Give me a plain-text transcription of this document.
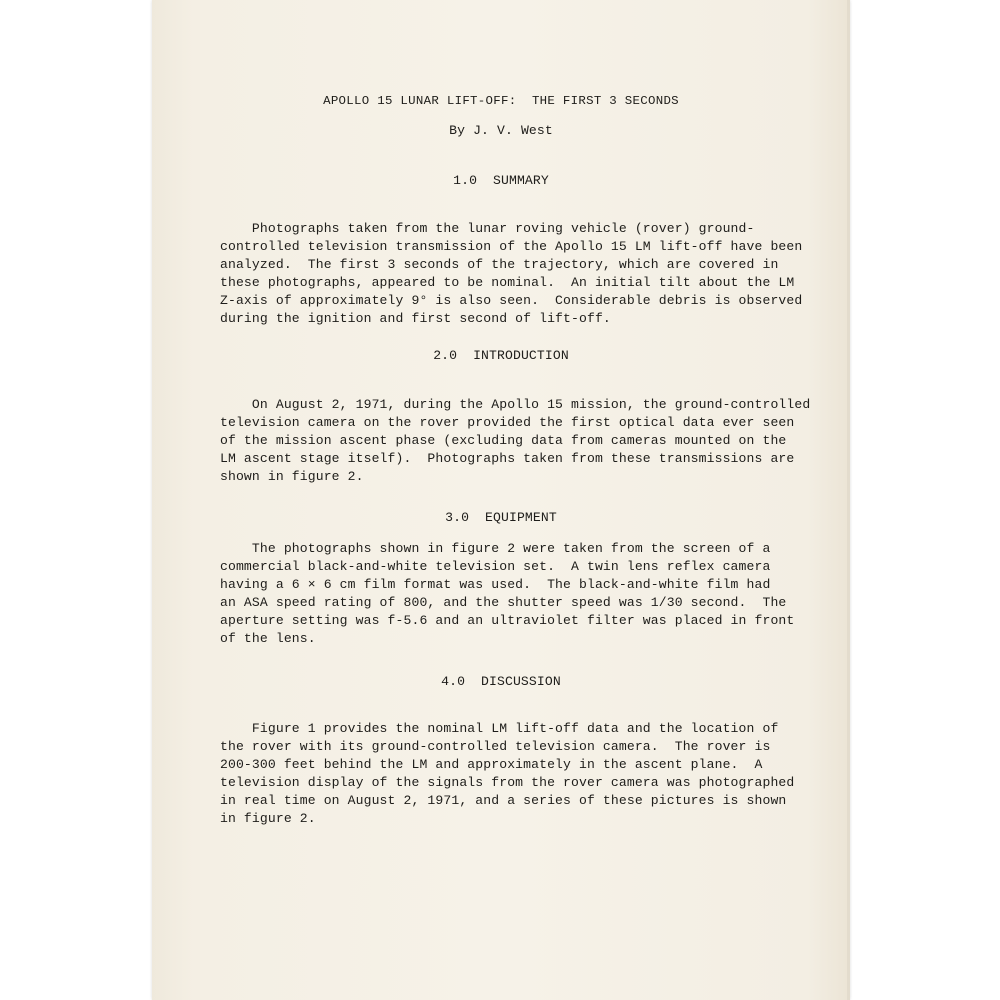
APOLLO 15 LUNAR LIFT-OFF:  THE FIRST 3 SECONDS
By J. V. West
1.0  SUMMARY
Photographs taken from the lunar roving vehicle (rover) ground-
controlled television transmission of the Apollo 15 LM lift-off have been
analyzed.  The first 3 seconds of the trajectory, which are covered in
these photographs, appeared to be nominal.  An initial tilt about the LM
Z-axis of approximately 9° is also seen.  Considerable debris is observed
during the ignition and first second of lift-off.
2.0  INTRODUCTION
On August 2, 1971, during the Apollo 15 mission, the ground-controlled
television camera on the rover provided the first optical data ever seen
of the mission ascent phase (excluding data from cameras mounted on the
LM ascent stage itself).  Photographs taken from these transmissions are
shown in figure 2.
3.0  EQUIPMENT
The photographs shown in figure 2 were taken from the screen of a
commercial black-and-white television set.  A twin lens reflex camera
having a 6 × 6 cm film format was used.  The black-and-white film had
an ASA speed rating of 800, and the shutter speed was 1/30 second.  The
aperture setting was f-5.6 and an ultraviolet filter was placed in front
of the lens.
4.0  DISCUSSION
Figure 1 provides the nominal LM lift-off data and the location of
the rover with its ground-controlled television camera.  The rover is
200-300 feet behind the LM and approximately in the ascent plane.  A
television display of the signals from the rover camera was photographed
in real time on August 2, 1971, and a series of these pictures is shown
in figure 2.
